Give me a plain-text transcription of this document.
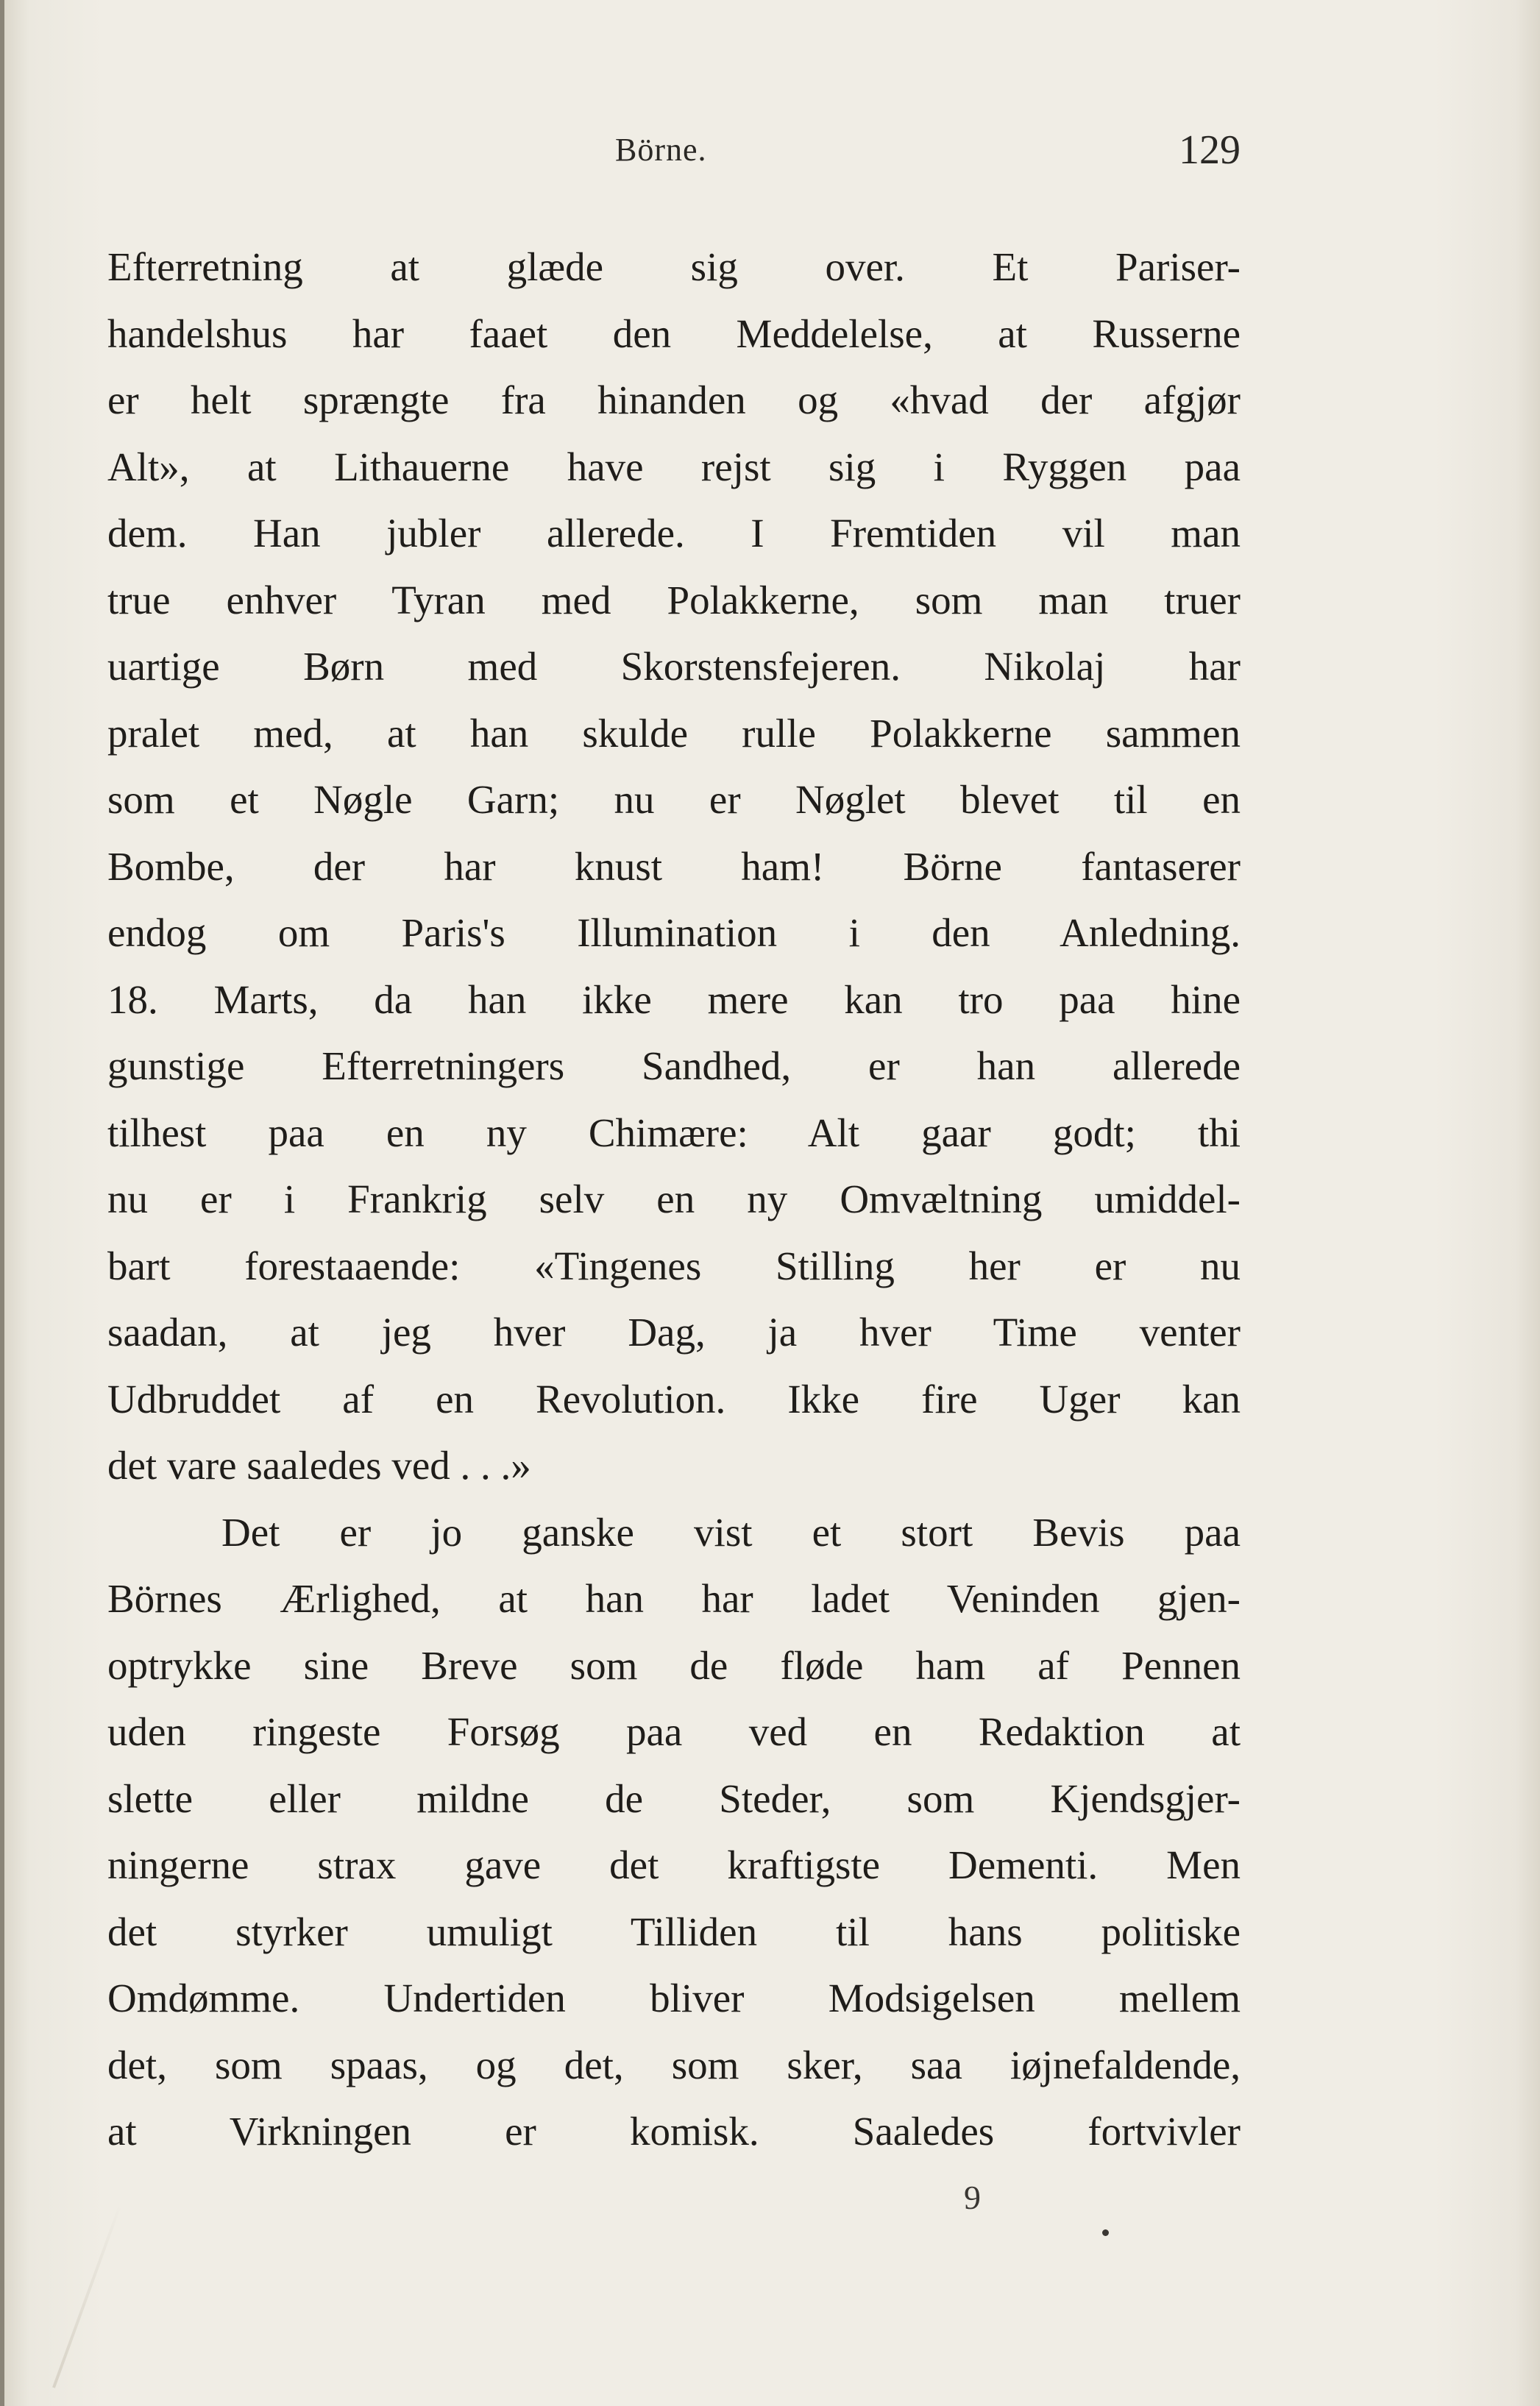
Börne.	129
Efterretning at glæde sig over. Et Pariser-
handelshus har faaet den Meddelelse, at Russerne
er helt sprængte fra hinanden og «hvad der afgjør
Alt», at Lithauerne have rejst sig i Ryggen paa
dem. Han jubler allerede. I Fremtiden vil man
true enhver Tyran med Polakkerne, som man truer
uartige Børn med Skorstensfejeren. Nikolaj har
pralet med, at han skulde rulle Polakkerne sammen
som et Nøgle Garn; nu er Nøglet blevet til en
Bombe, der har knust ham! Börne fantaserer
endog om Paris's Illumination i den Anledning.
18. Marts, da han ikke mere kan tro paa hine
gunstige Efterretningers Sandhed, er han allerede
tilhest paa en ny Chimære: Alt gaar godt; thi
nu er i Frankrig selv en ny Omvæltning umiddel-
bart forestaaende: «Tingenes Stilling her er nu
saadan, at jeg hver Dag, ja hver Time venter
Udbruddet af en Revolution. Ikke fire Uger kan
det vare saaledes ved . . .»
Det er jo ganske vist et stort Bevis paa
Börnes Ærlighed, at han har ladet Veninden gjen-
optrykke sine Breve som de fløde ham af Pennen
uden ringeste Forsøg paa ved en Redaktion at
slette eller mildne de Steder, som Kjendsgjer-
ningerne strax gave det kraftigste Dementi. Men
det styrker umuligt Tilliden til hans politiske
Omdømme. Undertiden bliver Modsigelsen mellem
det, som spaas, og det, som sker, saa iøjnefaldende,
at Virkningen er komisk. Saaledes fortvivler
9
